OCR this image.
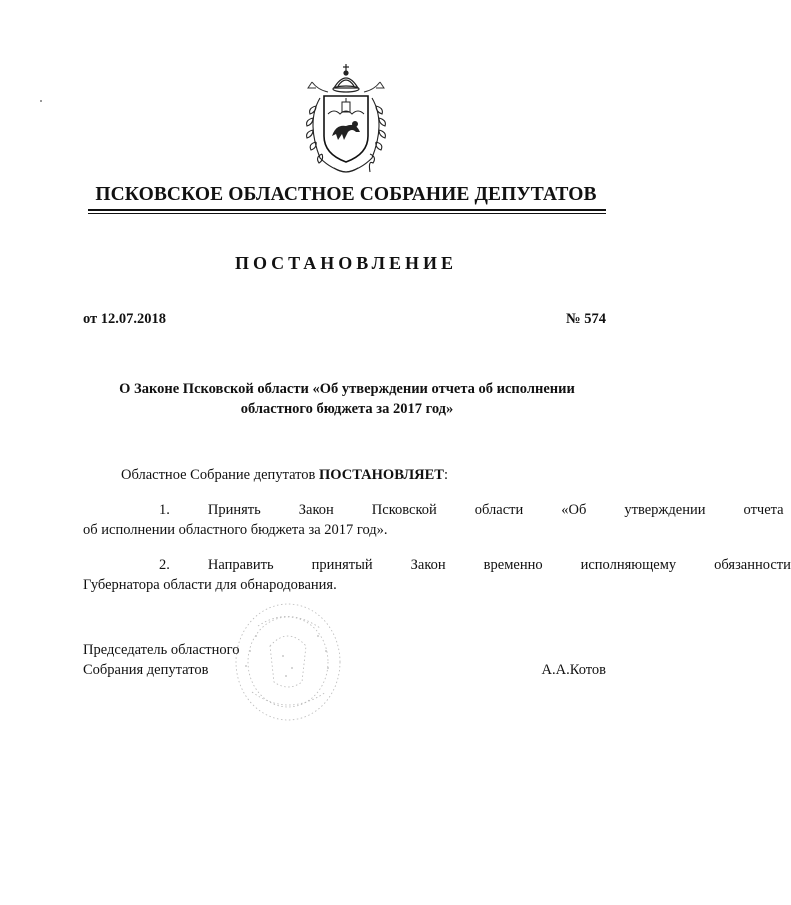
ПСКОВСКОЕ ОБЛАСТНОЕ СОБРАНИЕ ДЕПУТАТОВ
ПОСТАНОВЛЕНИЕ
от 12.07.2018	№ 574
О Законе Псковской области «Об утверждении отчета об исполнении
областного бюджета за 2017 год»
Областное Собрание депутатов ПОСТАНОВЛЯЕТ:
1.	Принять	Закон	Псковской	области	«Об	утверждении	отчета
об исполнении областного бюджета за 2017 год».
2.	Направить	принятый	Закон	временно	исполняющему	обязанности
Губернатора области для обнародования.
Председатель областного
Собрания депутатов	А.А.Котов
